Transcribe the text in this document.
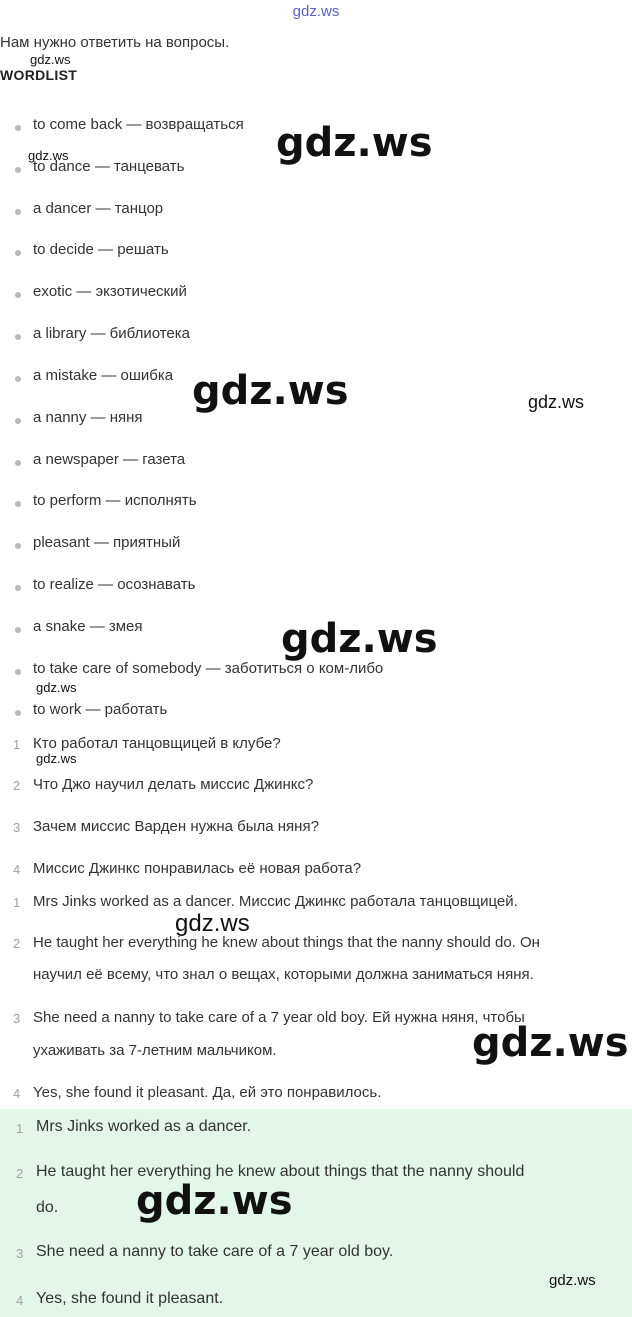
gdz.ws
Нам нужно ответить на вопросы.
WORDLIST
to come back — возвращаться
to dance — танцевать
a dancer — танцор
to decide — решать
exotic — экзотический
a library — библиотека
a mistake — ошибка
a nanny — няня
a newspaper — газета
to perform — исполнять
pleasant — приятный
to realize — осознавать
a snake — змея
to take care of somebody — заботиться о ком-либо
to work — работать
1 Кто работал танцовщицей в клубе?
2 Что Джо научил делать миссис Джинкс?
3 Зачем миссис Варден нужна была няня?
4 Миссис Джинкс понравилась её новая работа?
1 Mrs Jinks worked as a dancer. Миссис Джинкс работала танцовщицей.
2 He taught her everything he knew about things that the nanny should do. Он
научил её всему, что знал о вещах, которыми должна заниматься няня.
3 She need a nanny to take care of a 7 year old boy. Ей нужна няня, чтобы
ухаживать за 7-летним мальчиком.
4 Yes, she found it pleasant. Да, ей это понравилось.
1 Mrs Jinks worked as a dancer.
2 He taught her everything he knew about things that the nanny should
do.
3 She need a nanny to take care of a 7 year old boy.
4 Yes, she found it pleasant.
gdz.ws
gdz.ws
gdz.ws
gdz.ws	gdz.ws
gdz.ws
gdz.ws
gdz.ws
gdz.ws
gdz.ws
gdz.ws
gdz.ws
